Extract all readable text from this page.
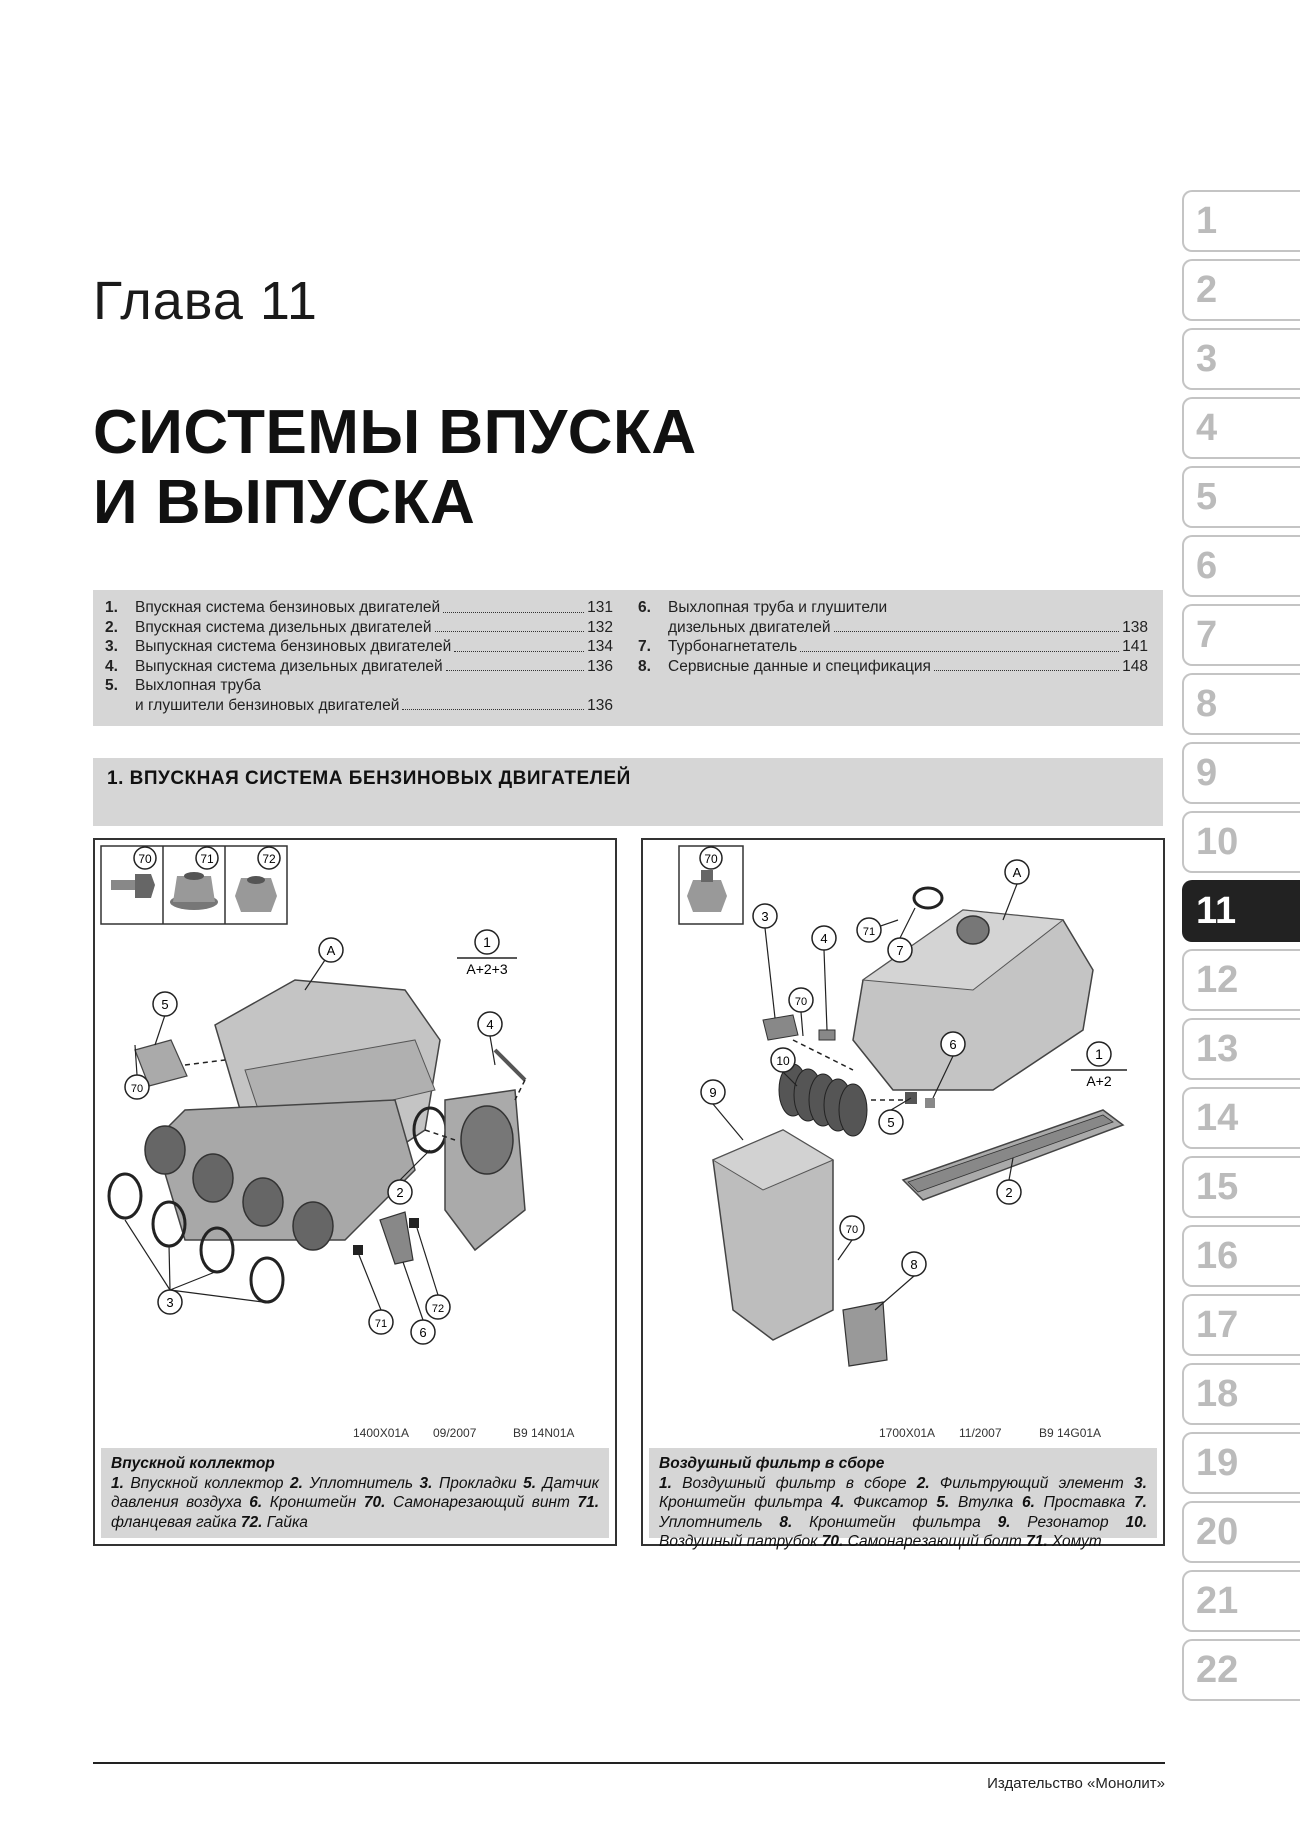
Глава 11
СИСТЕМЫ ВПУСКА
И ВЫПУСКА
1.	Впускная система бензиновых двигателей	131
2.	Впускная система дизельных двигателей	132
3.	Выпускная система бензиновых двигателей	134
4.	Выпускная система дизельных двигателей	136
5.	Выхлопная труба
и глушители бензиновых двигателей	136
6.	Выхлопная труба и глушители
дизельных двигателей	138
7.	Турбонагнетатель	141
8.	Сервисные данные и спецификация	148
1. ВПУСКНАЯ СИСТЕМА БЕНЗИНОВЫХ ДВИГАТЕЛЕЙ
70	71	72
1
A+2+3
A
5
70
4
2
3
71
6
72
1400X01A 09/2007	B9 14N01A
Впускной коллектор
1. Впускной коллектор 2. Уплотнитель 3. Прокладки 5. Датчик давления воздуха 6. Кронштейн 70. Самонарезающий винт 71. фланцевая гайка 72. Гайка
70
1
A+2
A
71
7
3
4
70
10
6
5
9
2
70
8
1700X01A 11/2007	B9 14G01A
Воздушный фильтр в сборе
1. Воздушный фильтр в сборе 2. Фильтрующий элемент 3. Кронштейн фильтра 4. Фиксатор 5. Втулка 6. Проставка 7. Уплотнитель 8. Кронштейн фильтра 9. Резонатор 10. Воздушный патрубок 70. Самонарезающий болт 71. Хомут
1
2
3
4
5
6
7
8
9
10
11
12
13
14
15
16
17
18
19
20
21
22
Издательство «Монолит»
